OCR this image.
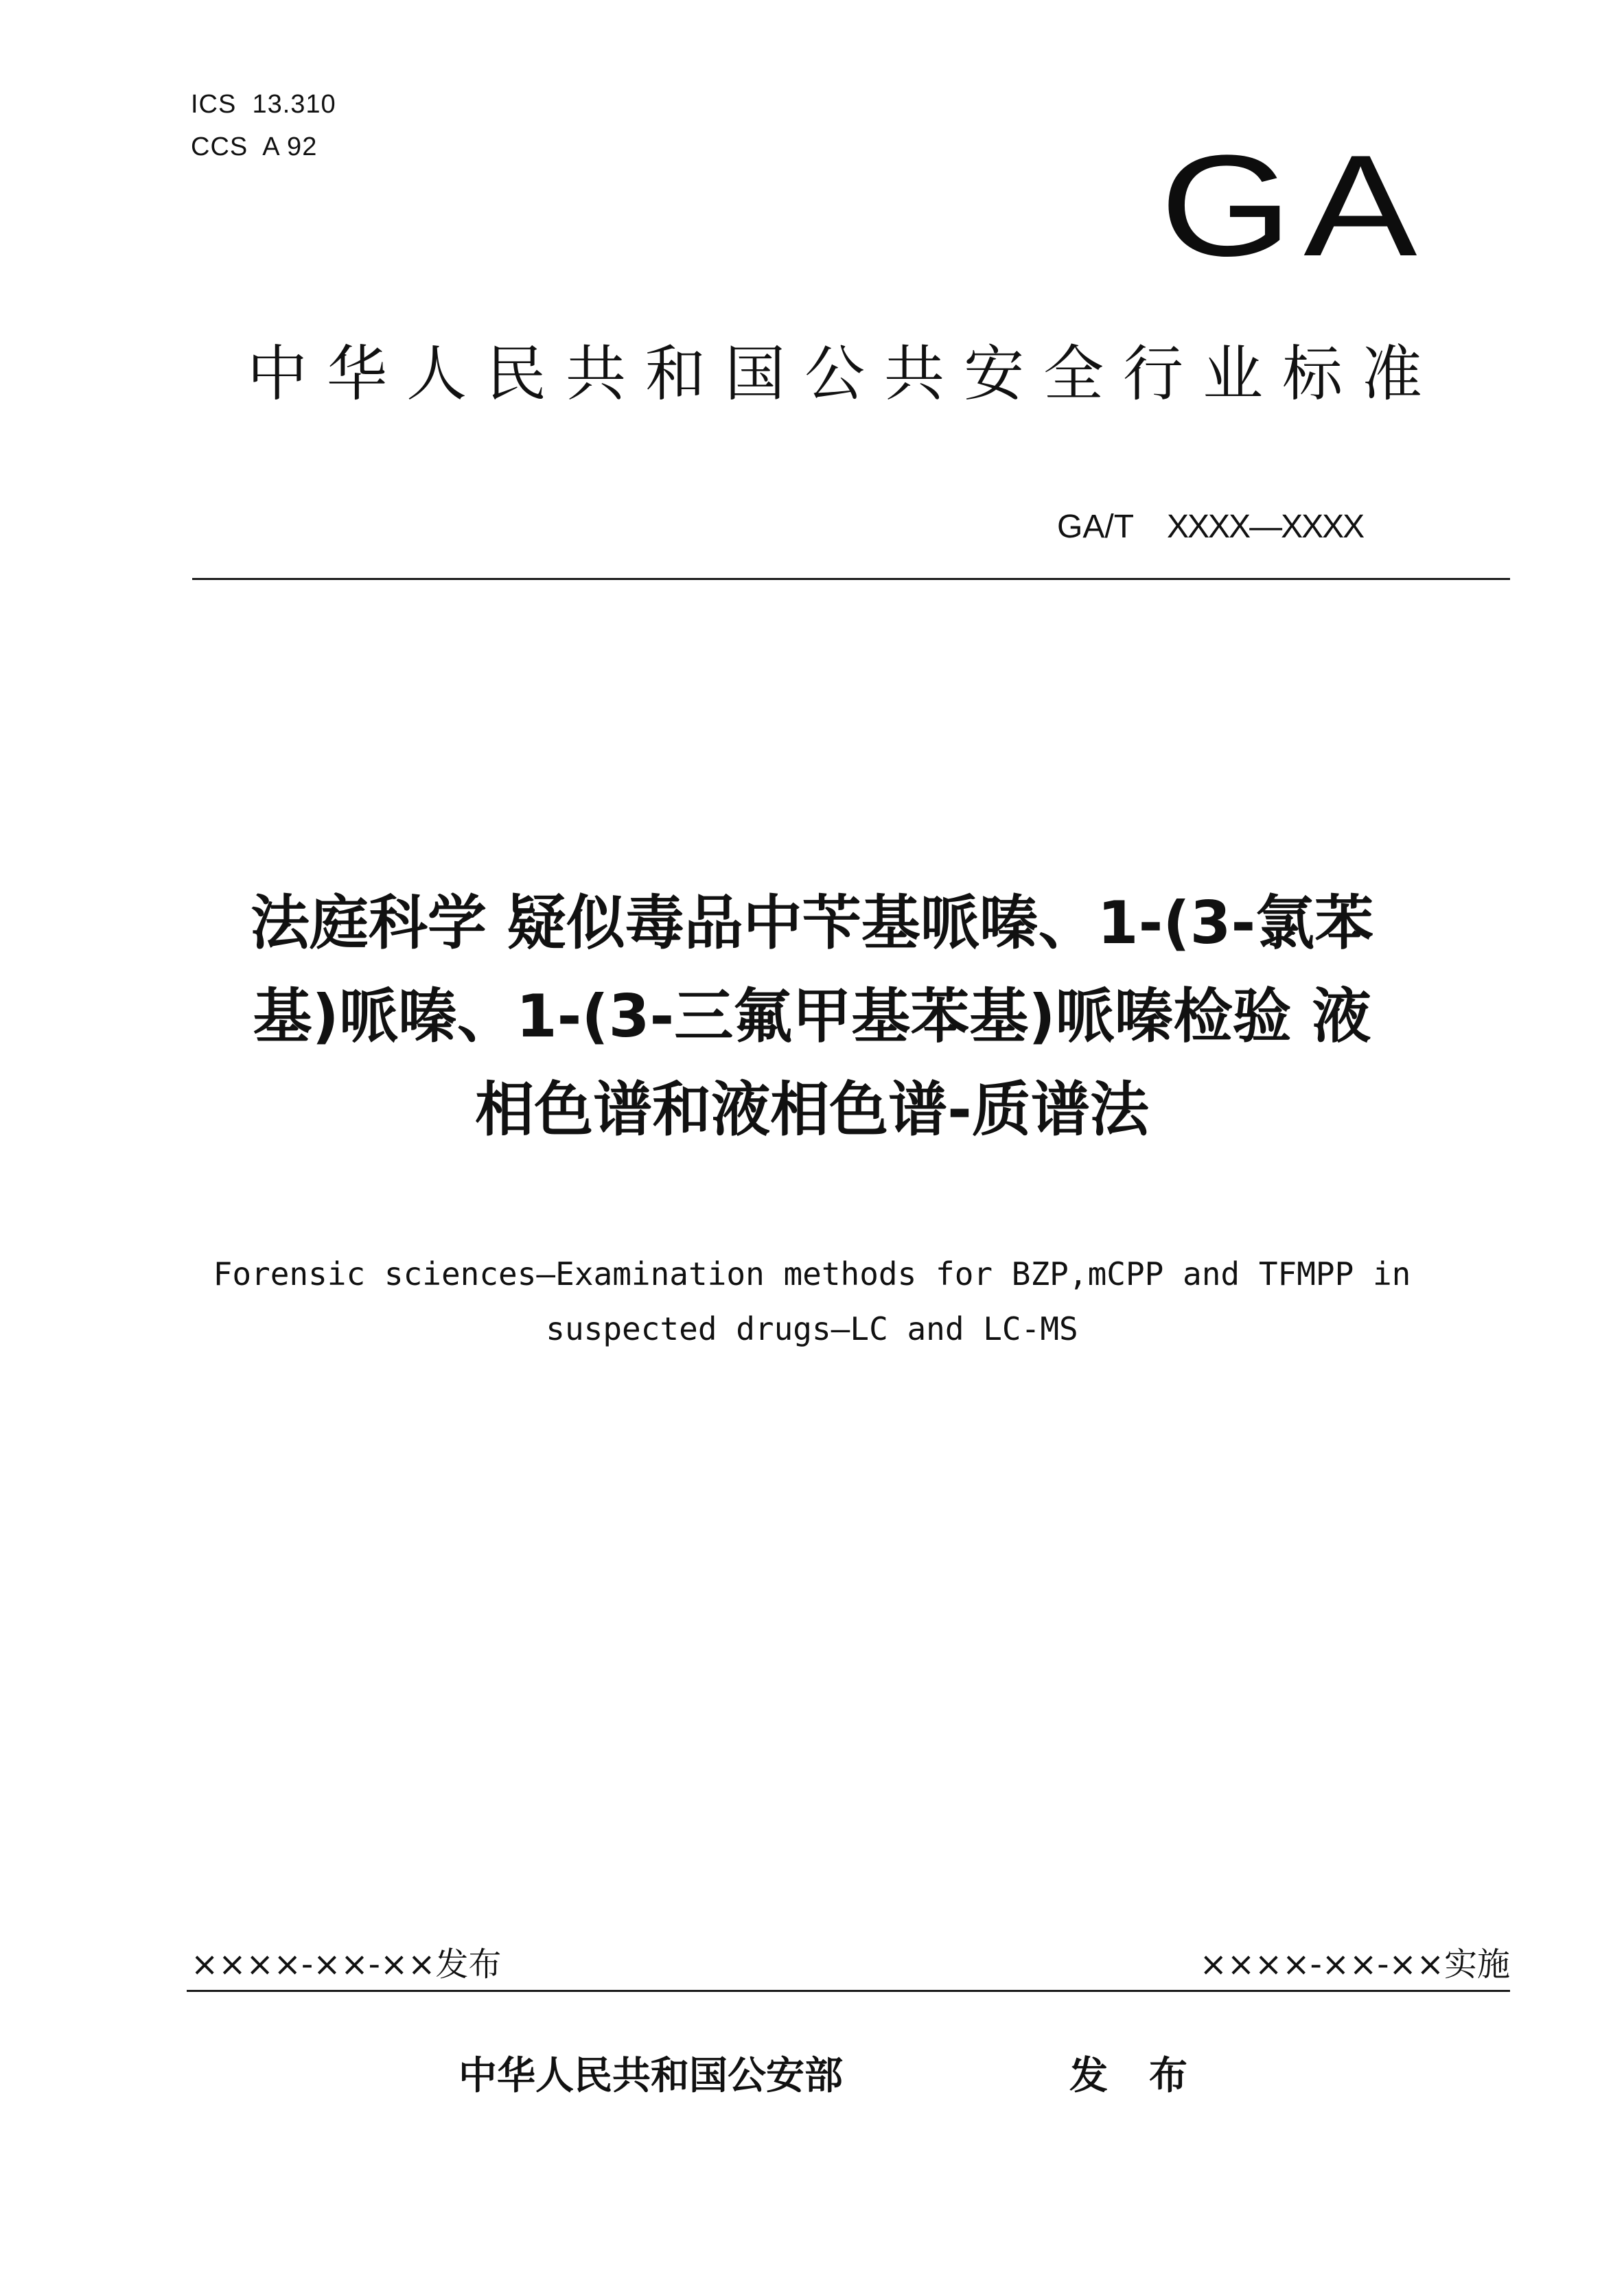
ICS  13.310
CCS  A 92	GA
中华人民共和国公共安全行业标准
GA/T XXXX—XXXX
法庭科学 疑似毒品中苄基哌嗪、1-(3-氯苯
基)哌嗪、1-(3-三氟甲基苯基)哌嗪检验 液
相色谱和液相色谱-质谱法
Forensic sciences—Examination methods for BZP,mCPP and TFMPP in
suspected drugs—LC and LC-MS
××××-××-××发布	××××-××-××实施
中华人民共和国公安部	发布
